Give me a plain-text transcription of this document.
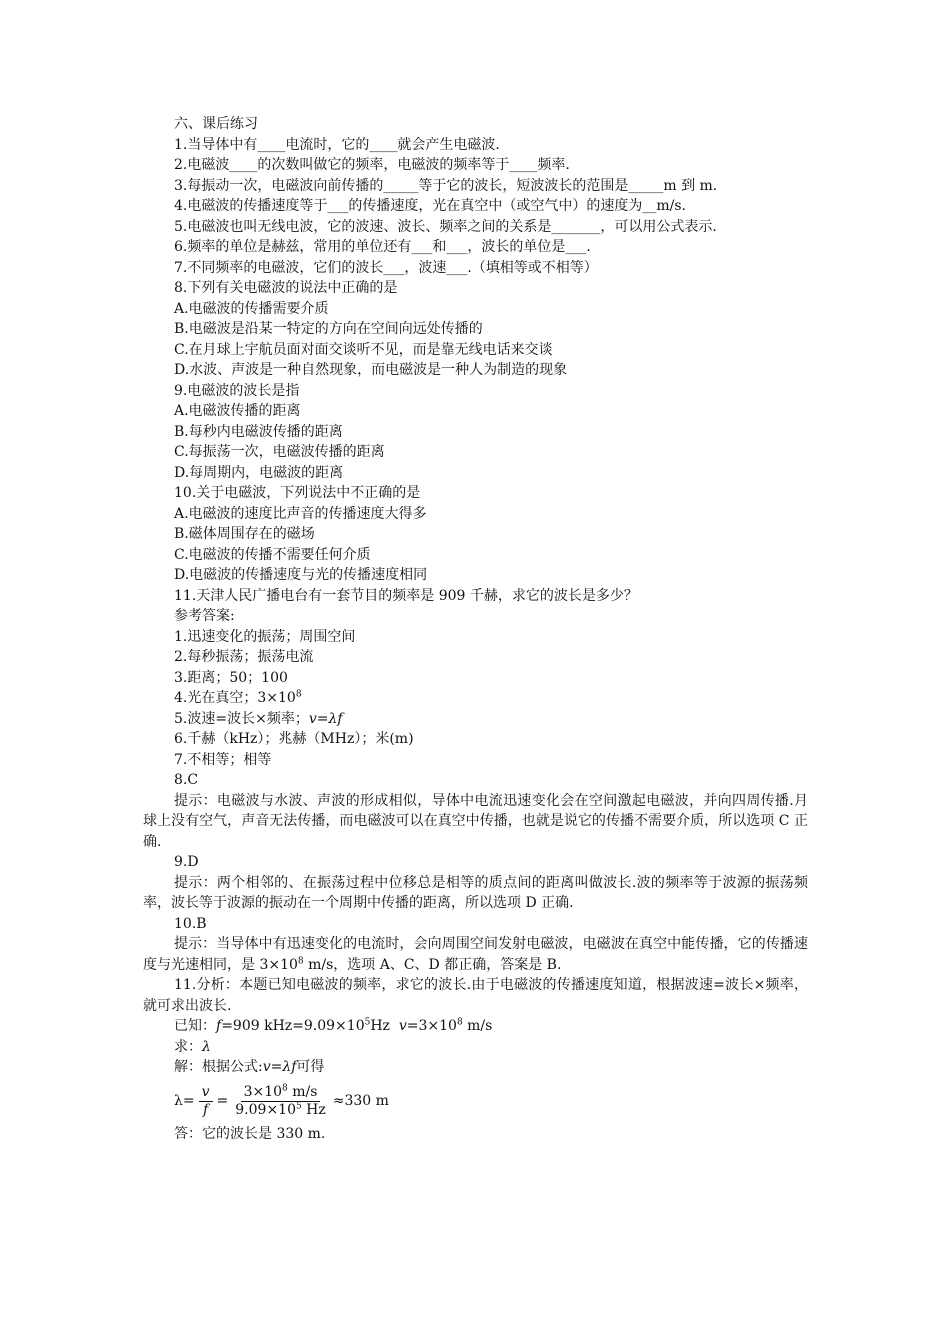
六、课后练习

1.当导体中有____电流时，它的____就会产生电磁波.

2.电磁波____的次数叫做它的频率，电磁波的频率等于____频率.

3.每振动一次，电磁波向前传播的_____等于它的波长，短波波长的范围是_____m 到 m.

4.电磁波的传播速度等于___的传播速度，光在真空中（或空气中）的速度为__m/s.

5.电磁波也叫无线电波，它的波速、波长、频率之间的关系是_______，可以用公式表示.

6.频率的单位是赫兹，常用的单位还有___和___，波长的单位是___.

7.不同频率的电磁波，它们的波长___，波速___.（填相等或不相等）

8.下列有关电磁波的说法中正确的是

A.电磁波的传播需要介质

B.电磁波是沿某一特定的方向在空间向远处传播的

C.在月球上宇航员面对面交谈听不见，而是靠无线电话来交谈

D.水波、声波是一种自然现象，而电磁波是一种人为制造的现象

9.电磁波的波长是指

A.电磁波传播的距离

B.每秒内电磁波传播的距离

C.每振荡一次，电磁波传播的距离

D.每周期内，电磁波的距离

10.关于电磁波，下列说法中不正确的是

A.电磁波的速度比声音的传播速度大得多

B.磁体周围存在的磁场

C.电磁波的传播不需要任何介质

D.电磁波的传播速度与光的传播速度相同

11.天津人民广播电台有一套节目的频率是 909 千赫，求它的波长是多少？

参考答案:

1.迅速变化的振荡；周围空间

2.每秒振荡；振荡电流

3.距离；50；100

4.光在真空；$3\times 10^8$

5.波速=波长×频率；v=λf

6.千赫（kHz）；兆赫（MHz）；米(m)

7.不相等；相等

8.C

提示：电磁波与水波、声波的形成相似，导体中电流迅速变化会在空间激起电磁波，并向四周传播.月球上没有空气，声音无法传播，而电磁波可以在真空中传播，也就是说它的传播不需要介质，所以选项 C 正确.

9.D

提示：两个相邻的、在振荡过程中位移总是相等的质点间的距离叫做波长.波的频率等于波源的振荡频率，波长等于波源的振动在一个周期中传播的距离，所以选项 D 正确.

10.B

提示：当导体中有迅速变化的电流时，会向周围空间发射电磁波，电磁波在真空中能传播，它的传播速度与光速相同，是 $3\times 10^8$ m/s，选项 A、C、D 都正确，答案是 B.

11.分析：本题已知电磁波的频率，求它的波长.由于电磁波的传播速度知道，根据波速=波长×频率，就可求出波长.

已知：f=909 $kHz=9.09\times 10^5Hz$  $v=3\times 10^8$ m/s

求：λ

解：根据公式:v=λf可得

$\lambda= \frac{v}{f} = \frac{3\times 10^8 m/s}{9.09\times 10^5 Hz} \approx 330$ m

答：它的波长是 330 m.
